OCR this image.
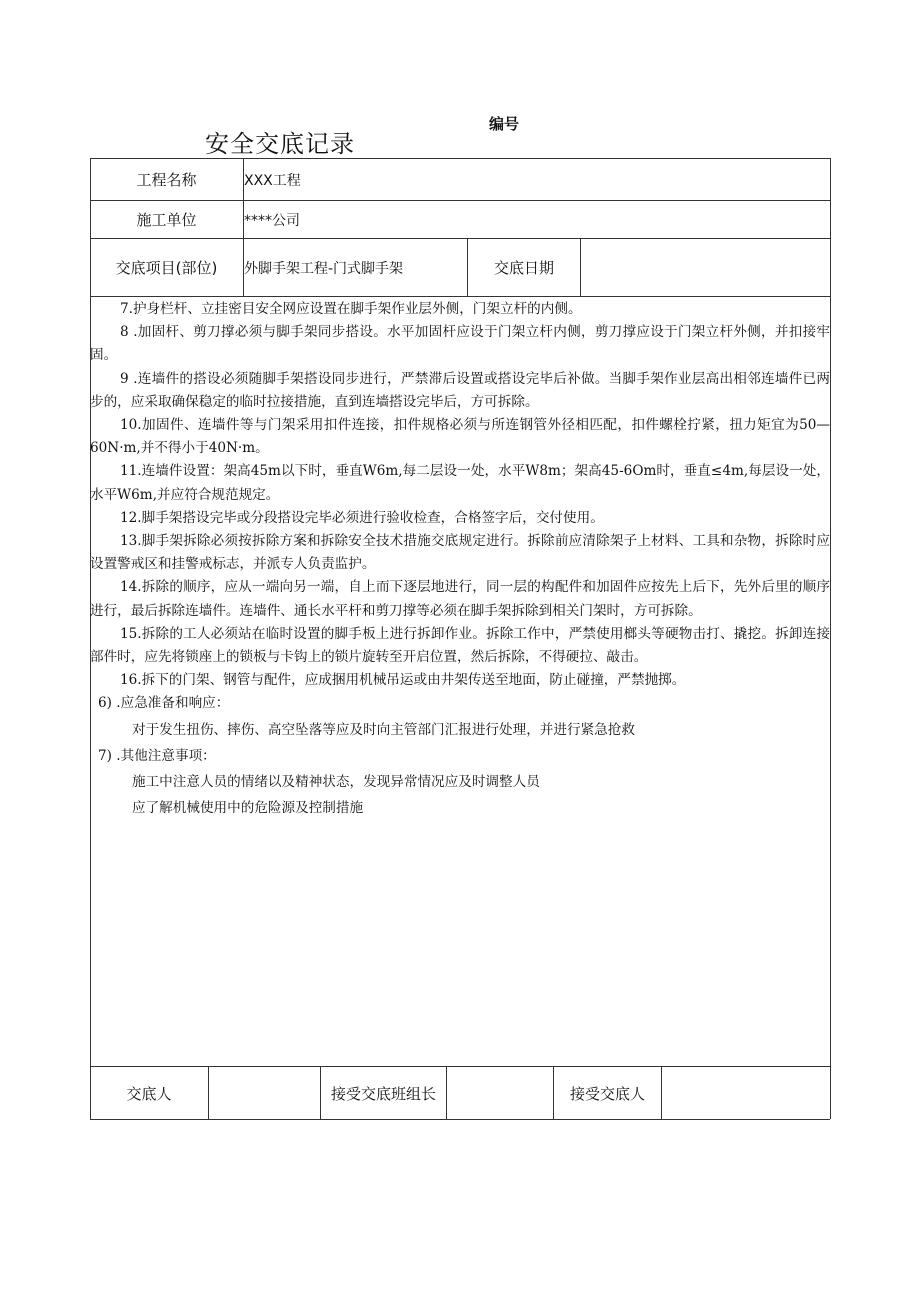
编号
安全交底记录
工程名称	XXX工程
施工单位	****公司
交底项目(部位)	外脚手架工程-门式脚手架	交底日期

7.护身栏杆、立挂密目安全网应设置在脚手架作业层外侧，门架立杆的内侧。

8 .加固杆、剪刀撑必须与脚手架同步搭设。水平加固杆应设于门架立杆内侧，剪刀撑应设于门架立杆外侧，并扣接牢固。

9 .连墙件的搭设必须随脚手架搭设同步进行，严禁滞后设置或搭设完毕后补做。当脚手架作业层高出相邻连墙件已两步的，应采取确保稳定的临时拉接措施，直到连墙搭设完毕后，方可拆除。

10.加固件、连墙件等与门架采用扣件连接，扣件规格必须与所连钢管外径相匹配，扣件螺栓拧紧，扭力矩宜为50—60N·m,并不得小于40N·m。

11.连墙件设置：架高45m以下时，垂直W6m,每二层设一处，水平W8m；架高45-6Om时，垂直≤4m,每层设一处，水平W6m,并应符合规范规定。

12.脚手架搭设完毕或分段搭设完毕必须进行验收检查，合格签字后，交付使用。

13.脚手架拆除必须按拆除方案和拆除安全技术措施交底规定进行。拆除前应清除架子上材料、工具和杂物，拆除时应设置警戒区和挂警戒标志，并派专人负责监护。

14.拆除的顺序，应从一端向另一端，自上而下逐层地进行，同一层的构配件和加固件应按先上后下，先外后里的顺序进行，最后拆除连墙件。连墙件、通长水平杆和剪刀撑等必须在脚手架拆除到相关门架时，方可拆除。

15.拆除的工人必须站在临时设置的脚手板上进行拆卸作业。拆除工作中，严禁使用榔头等硬物击打、撬挖。拆卸连接部件时，应先将锁座上的锁板与卡钩上的锁片旋转至开启位置，然后拆除，不得硬拉、敲击。

16.拆下的门架、钢管与配件，应成捆用机械吊运或由井架传送至地面，防止碰撞，严禁抛掷。

6) .应急准备和响应：

对于发生扭伤、摔伤、高空坠落等应及时向主管部门汇报进行处理，并进行紧急抢救

7) .其他注意事项：

施工中注意人员的情绪以及精神状态，发现异常情况应及时调整人员

应了解机械使用中的危险源及控制措施

交底人	接受交底班组长	接受交底人
